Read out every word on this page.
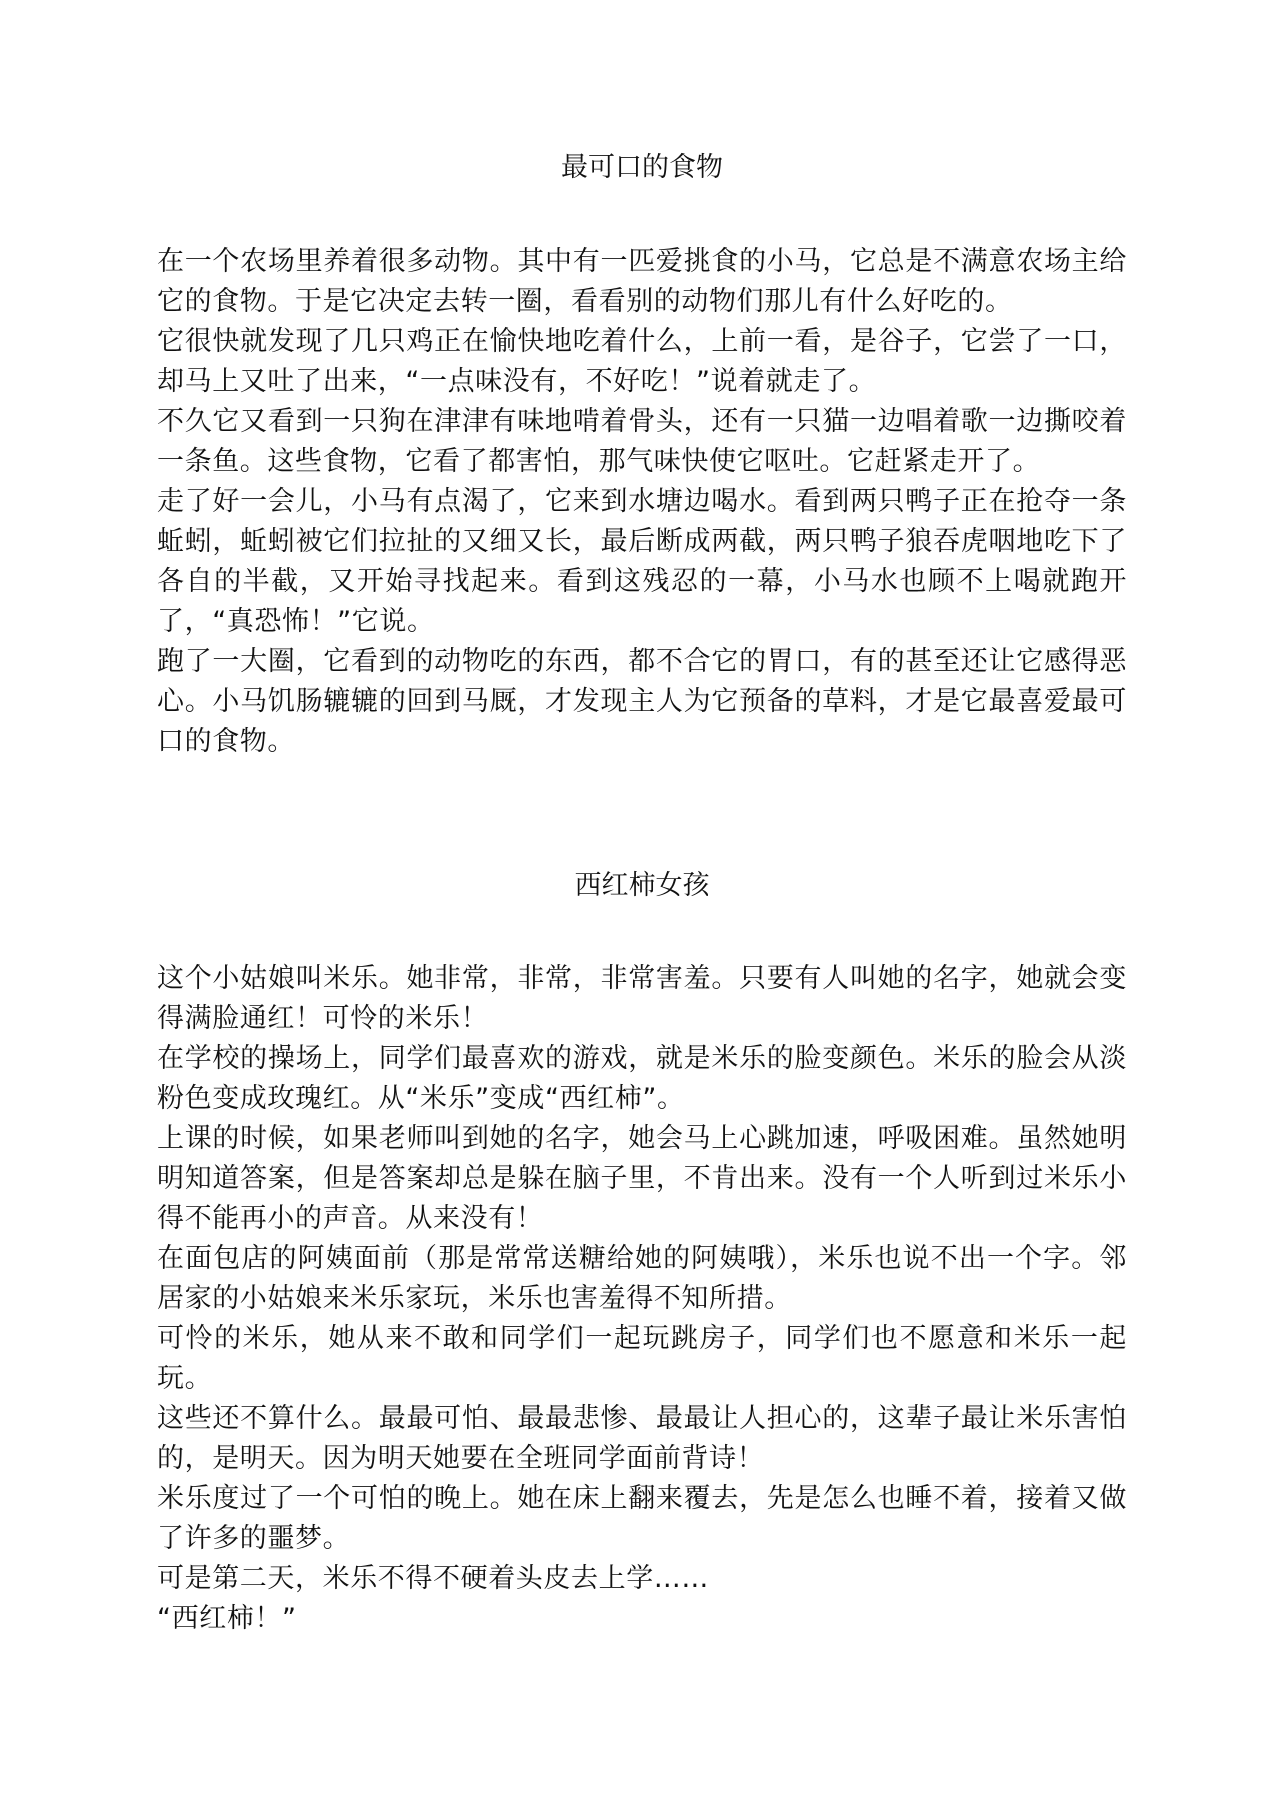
最可口的食物

在一个农场里养着很多动物。其中有一匹爱挑食的小马，它总是不满意农场主给它的食物。于是它决定去转一圈，看看别的动物们那儿有什么好吃的。

它很快就发现了几只鸡正在愉快地吃着什么，上前一看，是谷子，它尝了一口，却马上又吐了出来，“一点味没有，不好吃！”说着就走了。

不久它又看到一只狗在津津有味地啃着骨头，还有一只猫一边唱着歌一边撕咬着一条鱼。这些食物，它看了都害怕，那气味快使它呕吐。它赶紧走开了。

走了好一会儿，小马有点渴了，它来到水塘边喝水。看到两只鸭子正在抢夺一条蚯蚓，蚯蚓被它们拉扯的又细又长，最后断成两截，两只鸭子狼吞虎咽地吃下了各自的半截，又开始寻找起来。看到这残忍的一幕，小马水也顾不上喝就跑开了，“真恐怖！”它说。

跑了一大圈，它看到的动物吃的东西，都不合它的胃口，有的甚至还让它感得恶心。小马饥肠辘辘的回到马厩，才发现主人为它预备的草料，才是它最喜爱最可口的食物。

西红柿女孩

这个小姑娘叫米乐。她非常，非常，非常害羞。只要有人叫她的名字，她就会变得满脸通红！可怜的米乐！

在学校的操场上，同学们最喜欢的游戏，就是米乐的脸变颜色。米乐的脸会从淡粉色变成玫瑰红。从“米乐”变成“西红柿”。

上课的时候，如果老师叫到她的名字，她会马上心跳加速，呼吸困难。虽然她明明知道答案，但是答案却总是躲在脑子里，不肯出来。没有一个人听到过米乐小得不能再小的声音。从来没有！

在面包店的阿姨面前（那是常常送糖给她的阿姨哦），米乐也说不出一个字。邻居家的小姑娘来米乐家玩，米乐也害羞得不知所措。

可怜的米乐，她从来不敢和同学们一起玩跳房子，同学们也不愿意和米乐一起玩。

这些还不算什么。最最可怕、最最悲惨、最最让人担心的，这辈子最让米乐害怕的，是明天。因为明天她要在全班同学面前背诗！

米乐度过了一个可怕的晚上。她在床上翻来覆去，先是怎么也睡不着，接着又做了许多的噩梦。

可是第二天，米乐不得不硬着头皮去上学……

“西红柿！”
